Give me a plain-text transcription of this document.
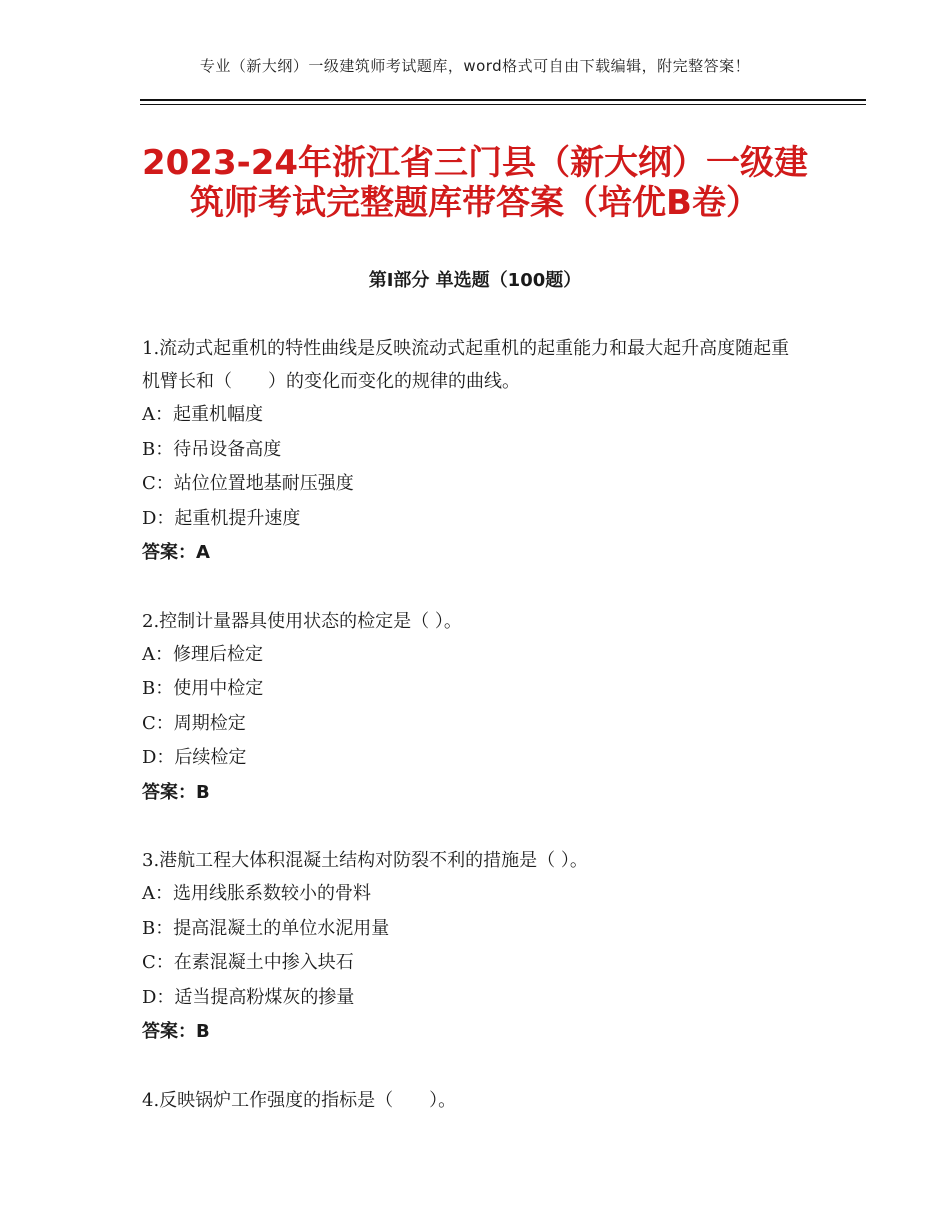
专业（新大纲）一级建筑师考试题库，word格式可自由下载编辑，附完整答案！
2023-24年浙江省三门县（新大纲）一级建
筑师考试完整题库带答案（培优B卷）
第Ⅰ部分 单选题（100题）

1.流动式起重机的特性曲线是反映流动式起重机的起重能力和最大起升高度随起重机臂长和（　　）的变化而变化的规律的曲线。

A：起重机幅度

B：待吊设备高度

C：站位位置地基耐压强度

D：起重机提升速度

答案：A

2.控制计量器具使用状态的检定是（ ）。

A：修理后检定

B：使用中检定

C：周期检定

D：后续检定

答案：B

3.港航工程大体积混凝土结构对防裂不利的措施是（ ）。

A：选用线胀系数较小的骨料

B：提高混凝土的单位水泥用量

C：在素混凝土中掺入块石

D：适当提高粉煤灰的掺量

答案：B

4.反映锅炉工作强度的指标是（　　）。
